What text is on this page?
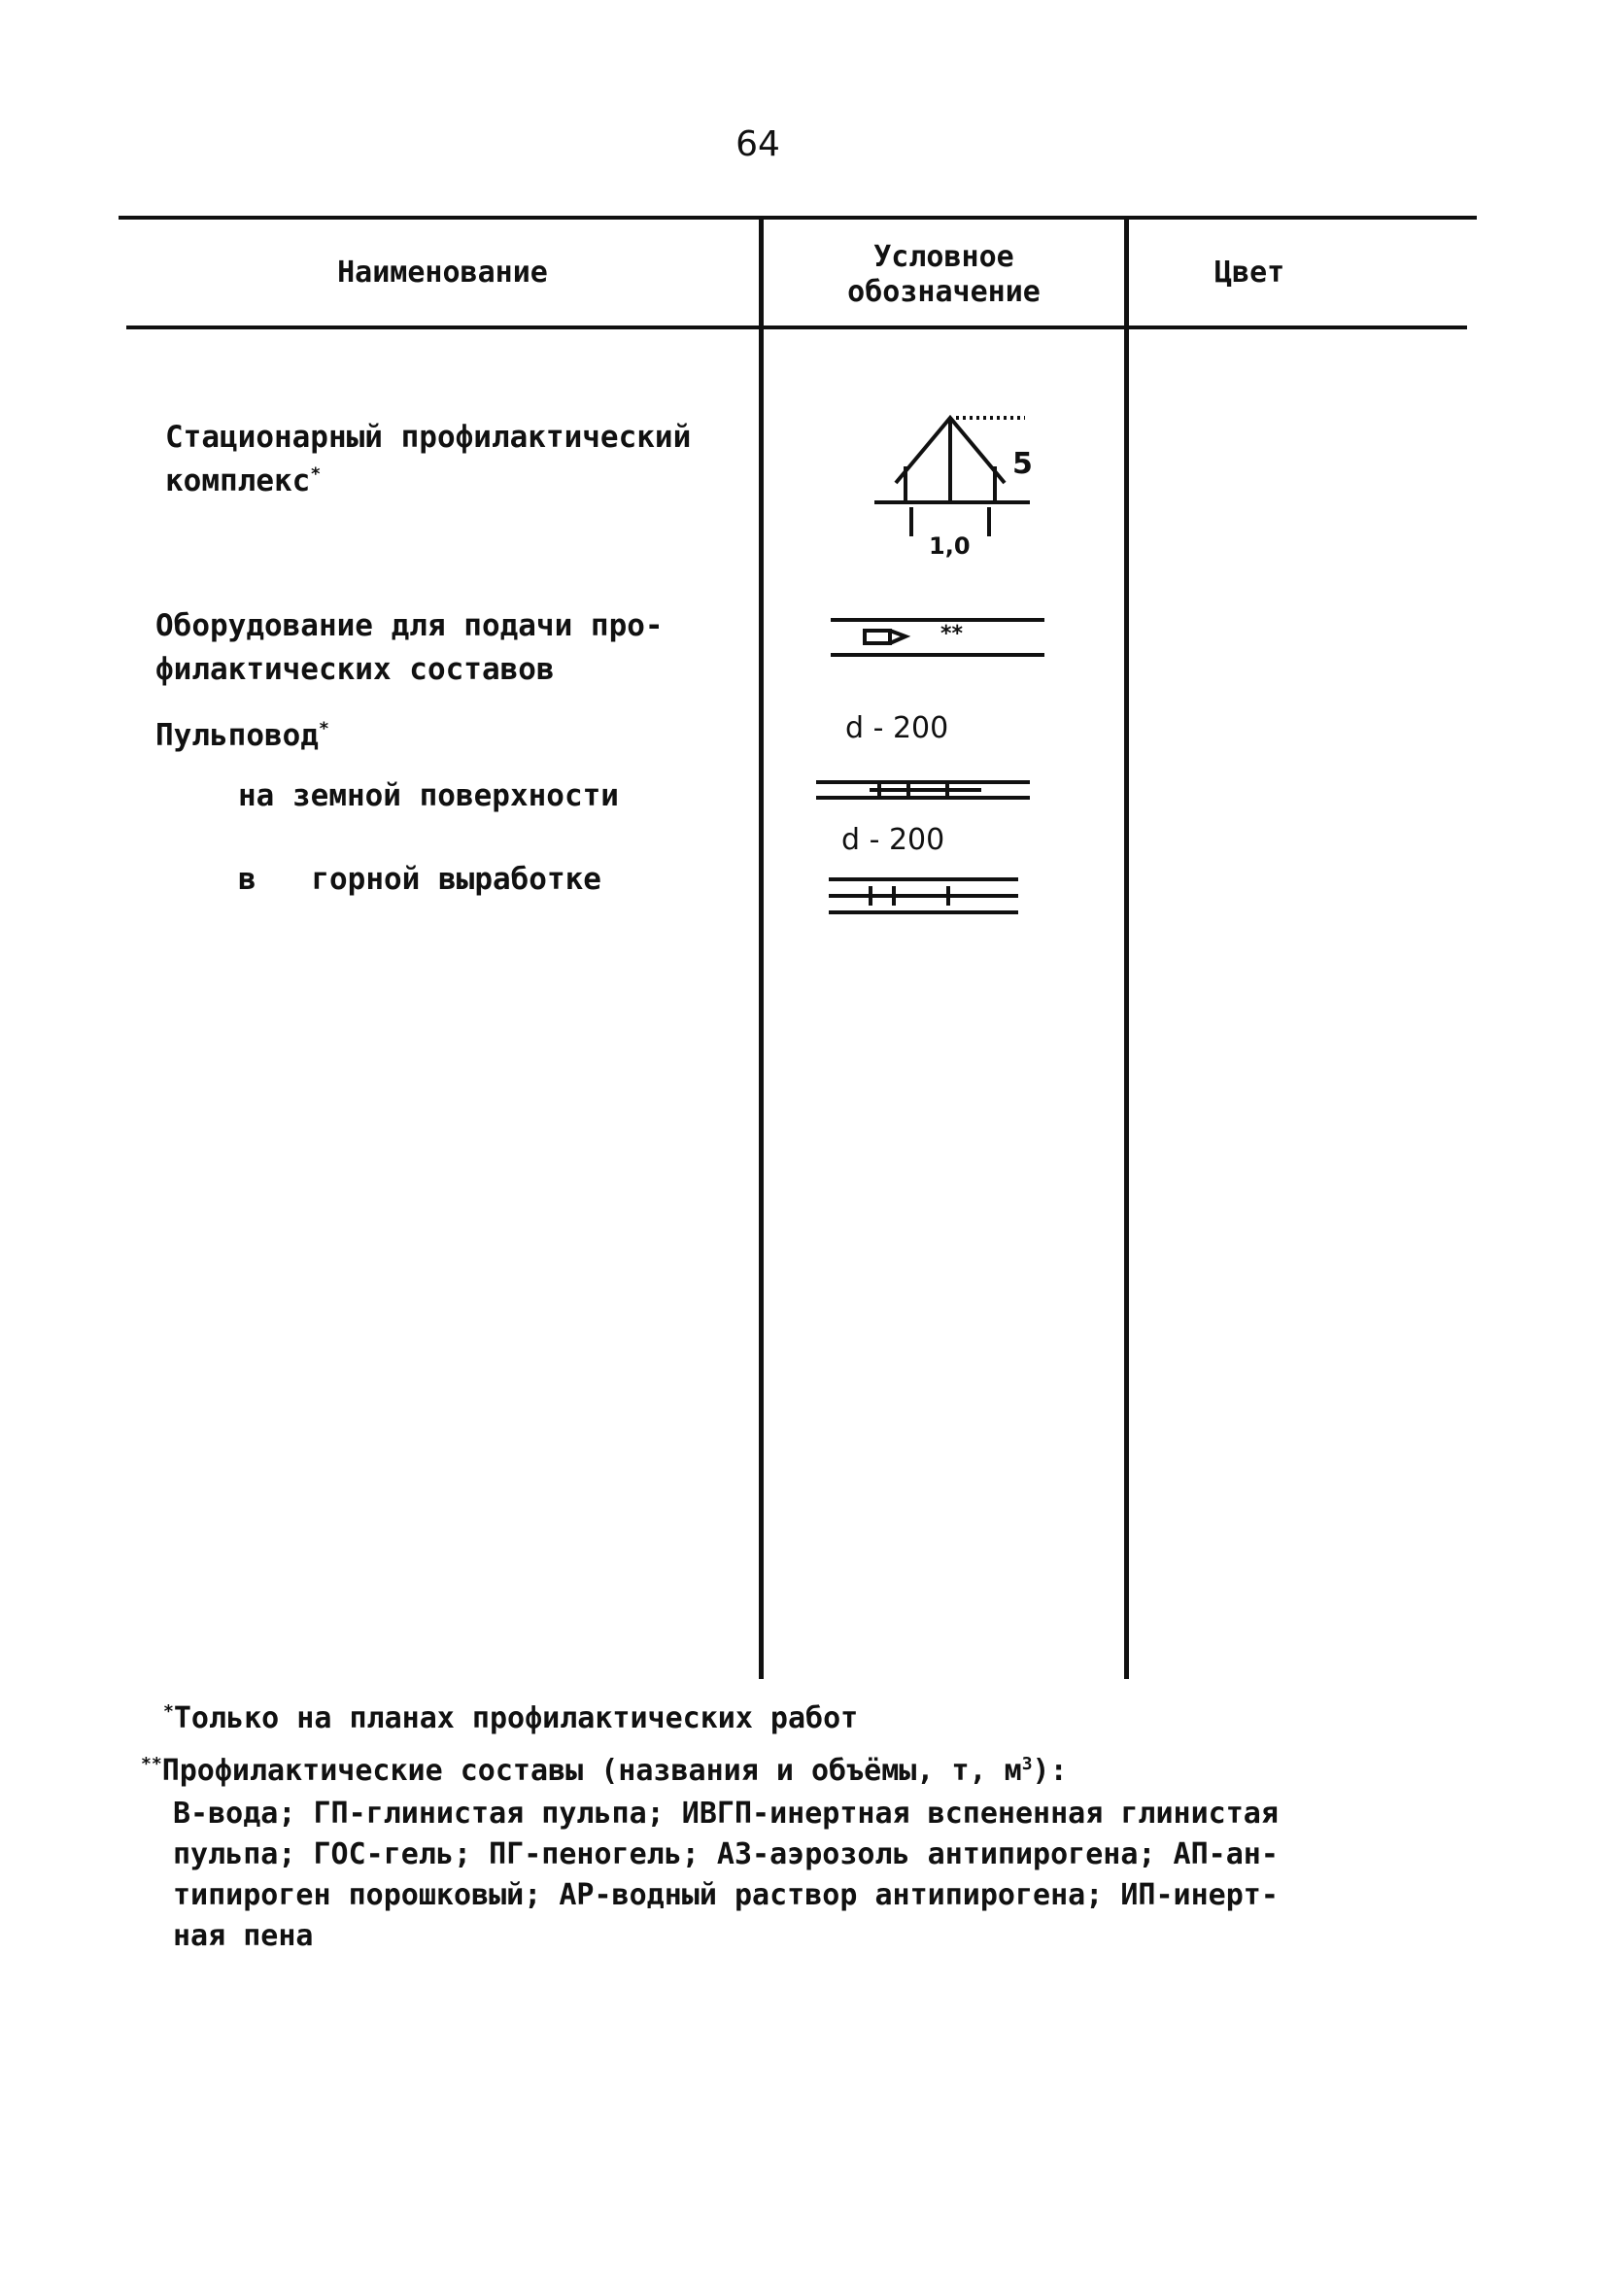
64
Наименование	Условное
обозначение
Цвет
Стационарный профилактический
комплекс*	5
1,0
Оборудование для подачи про-
филактических составов
**
Пульповод*
на земной поверхности
в горной выработке
d - 200
d - 200
*Только на планах профилактических работ
**Профилактические составы (названия и объёмы, т, $м^3$):
В-вода; ГП-глинистая пульпа; ИВГП-инертная вспененная глинистая
пульпа; ГОС-гель; ПГ-пеногель; АЗ-аэрозоль антипирогена; АП-ан-
типироген порошковый; АР-водный раствор антипирогена; ИП-инерт-
ная пена
